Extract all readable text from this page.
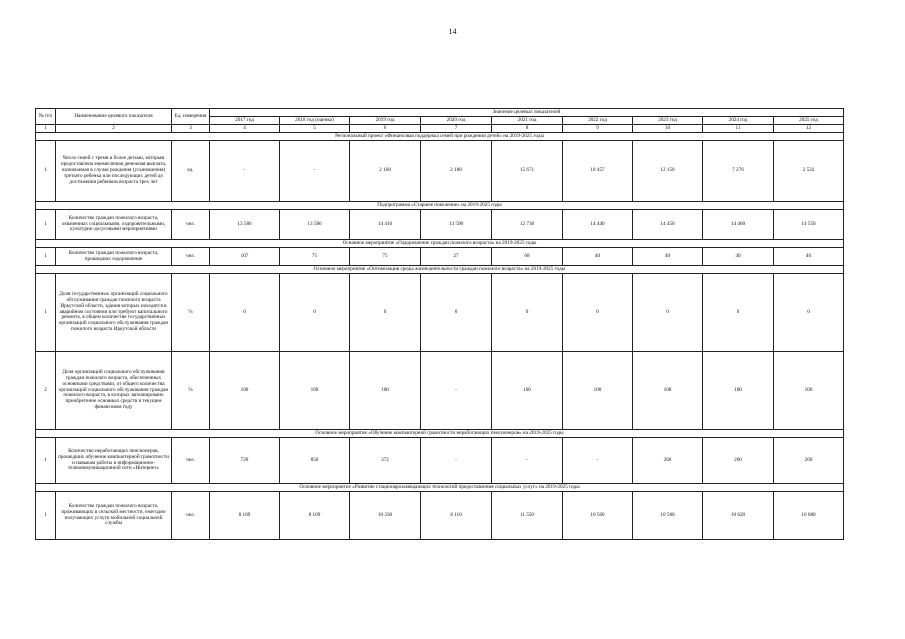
14
№ п/п	Наименование целевого показателя	Ед. измерения	Значение целевых показателей								
			2017 год	2018 год (оценка)	2019 год	2020 год	2021 год	2022 год	2023 год	2024 год	2025 год
1	2	3	4	5	6	7	8	9	10	11	12
Региональный проект «Финансовая поддержка семей при рождении детей» на 2019-2025 годы											
1	Число семей с тремя и более детьми, которым предоставлена ежемесячная денежная выплата, назначаемая в случае рождения (усыновления) третьего ребенка или последующих детей до достижения ребенком возраста трех лет	ед.	-	-	2 168	2 188	15 671	18 457	12 150	7 276	2 532
Подпрограмма «Старшее поколение» на 2019-2025 годы											
1	Количество граждан пожилого возраста, охваченных социальными, оздоровительными, культурно-досуговыми мероприятиями	чел.	13 586	13 586	14 410	13 590	12 730	14 440	14 450	14 460	14 550
Основное мероприятие «Оздоровление граждан пожилого возраста» на 2019-2025 годы											
1	Количество граждан пожилого возраста, прошедших оздоровление	чел.	107	75	75	27	68	40	40	40	40
Основное мероприятие «Оптимизация среды жизнедеятельности граждан пожилого возраста» на 2019-2025 годы											
1	Доля государственных организаций социального обслуживания граждан пожилого возраста Иркутской области, здания которых находятся в аварийном состоянии или требуют капитального ремонта, в общем количестве государственных организаций социального обслуживания граждан пожилого возраста Иркутской области	%	0	0	0	0	0	0	0	0	0
2	Доля организаций социального обслуживания граждан пожилого возраста, обеспеченных основными средствами, от общего количества организаций социального обслуживания граждан пожилого возраста, в которых запланировано приобретение основных средств в текущем финансовом году	%	100	100	100	-	100	100	100	100	100
Основное мероприятие «Обучение компьютерной грамотности неработающих пенсионеров» на 2019-2025 годы											
1	Количество неработающих пенсионеров, прошедших обучение компьютерной грамотности и навыкам работы в информационно-телекоммуникационной сети «Интернет»	чел.	720	850	372	-	-	-	260	260	260
Основное мероприятие «Развитие стационарозамещающих технологий предоставления социальных услуг» на 2019-2025 годы											
1	Количество граждан пожилого возраста, проживающих в сельской местности, ежегодно получающих услуги мобильной социальной службы	чел.	8 109	8 109	10 330	8 110	11 550	10 500	10 580	10 620	10 680
